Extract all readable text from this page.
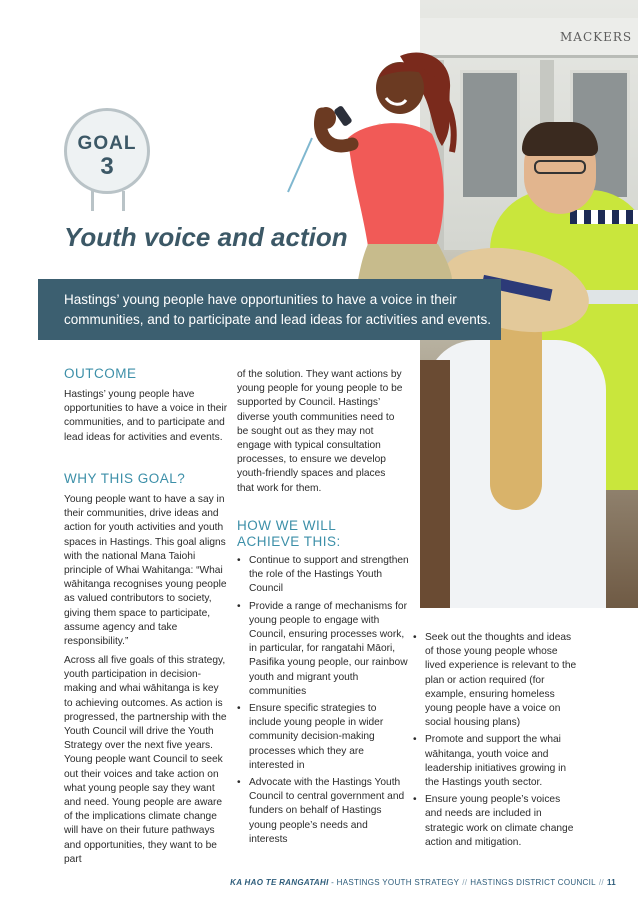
MACKERS
GOAL
3
Youth voice and action

Hastings’ young people have opportunities to have a voice in their communities, and to participate and lead ideas for activities and events.

OUTCOME

Hastings’ young people have opportunities to have a voice in their communities, and to participate and lead ideas for activities and events.

WHY THIS GOAL?

Young people want to have a say in their communities, drive ideas and action for youth activities and youth spaces in Hastings. This goal aligns with the national Mana Taiohi principle of Whai Wahitanga: “Whai wāhitanga recognises young people as valued contributors to society, giving them space to participate, assume agency and take responsibility.”

Across all five goals of this strategy, youth participation in decision-making and whai wāhitanga is key to achieving outcomes. As action is progressed, the partnership with the Youth Council will drive the Youth Strategy over the next five years. Young people want Council to seek out their voices and take action on what young people say they want and need. Young people are aware of the implications climate change will have on their future pathways and opportunities, they want to be part

of the solution. They want actions by young people for young people to be supported by Council. Hastings’ diverse youth communities need to be sought out as they may not engage with typical consultation processes, to ensure we develop youth-friendly spaces and places that work for them.

HOW WE WILL
ACHIEVE THIS:
• Continue to support and strengthen the role of the Hastings Youth Council
• Provide a range of mechanisms for young people to engage with Council, ensuring processes work, in particular, for rangatahi Māori, Pasifika young people, our rainbow youth and migrant youth communities
• Ensure specific strategies to include young people in wider community decision-making processes which they are interested in
• Advocate with the Hastings Youth Council to central government and funders on behalf of Hastings young people’s needs and interests
• Seek out the thoughts and ideas of those young people whose lived experience is relevant to the plan or action required (for example, ensuring homeless young people have a voice on social housing plans)
• Promote and support the whai wāhitanga, youth voice and leadership initiatives growing in the Hastings youth sector.
• Ensure young people’s voices and needs are included in strategic work on climate change action and mitigation.
KA HAO TE RANGATAHI - HASTINGS YOUTH STRATEGY // HASTINGS DISTRICT COUNCIL // 11
